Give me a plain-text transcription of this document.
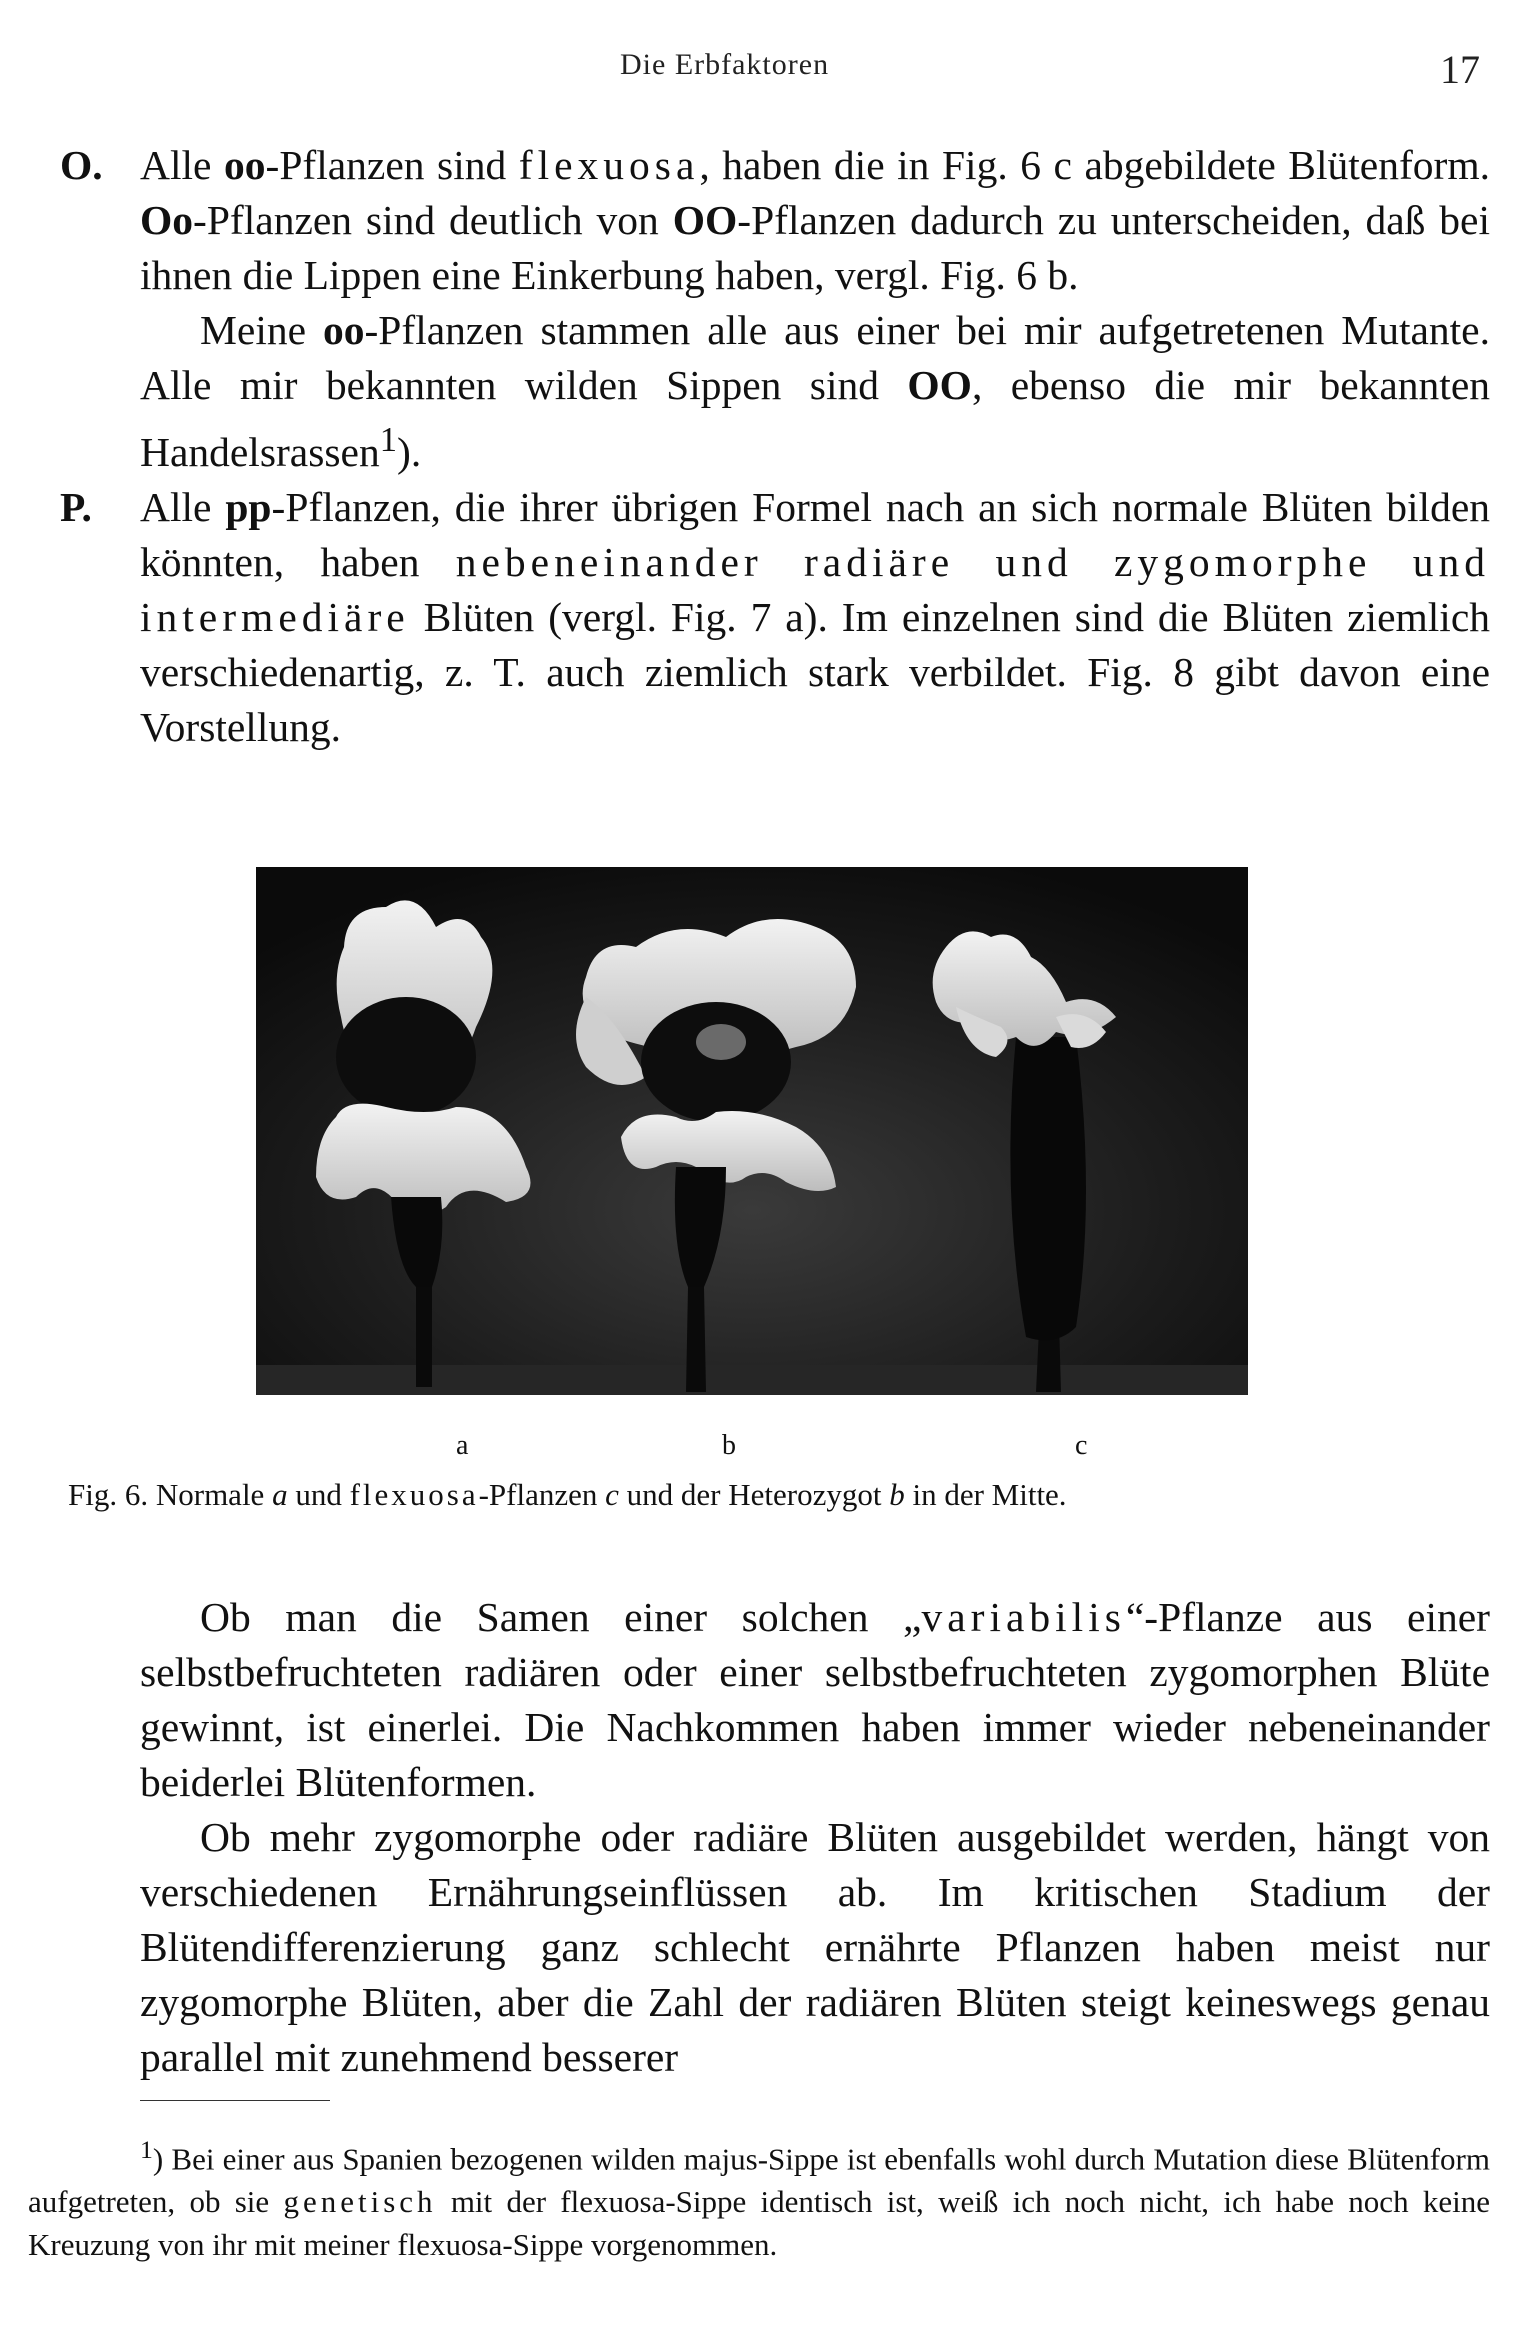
Die Erbfaktoren	17

O. Alle oo-Pflanzen sind flexuosa, haben die in Fig. 6 c abgebildete Blütenform. Oo-Pflanzen sind deutlich von OO-Pflanzen dadurch zu unterscheiden, daß bei ihnen die Lippen eine Einkerbung haben, vergl. Fig. 6 b.

Meine oo-Pflanzen stammen alle aus einer bei mir aufgetretenen Mutante. Alle mir bekannten wilden Sippen sind OO, ebenso die mir bekannten Handelsrassen$^1$).

P. Alle pp-Pflanzen, die ihrer übrigen Formel nach an sich normale Blüten bilden könnten, haben nebeneinander radiäre und zygomorphe und intermediäre Blüten (vergl. Fig. 7 a). Im einzelnen sind die Blüten ziemlich verschiedenartig, z. T. auch ziemlich stark verbildet. Fig. 8 gibt davon eine Vorstellung.

a	b	c
Fig. 6. Normale a und flexuosa-Pflanzen c und der Heterozygot b in der Mitte.

Ob man die Samen einer solchen „variabilis“-Pflanze aus einer selbstbefruchteten radiären oder einer selbstbefruchteten zygomorphen Blüte gewinnt, ist einerlei. Die Nachkommen haben immer wieder nebeneinander beiderlei Blütenformen.

Ob mehr zygomorphe oder radiäre Blüten ausgebildet werden, hängt von verschiedenen Ernährungseinflüssen ab. Im kritischen Stadium der Blütendifferenzierung ganz schlecht ernährte Pflanzen haben meist nur zygomorphe Blüten, aber die Zahl der radiären Blüten steigt keineswegs genau parallel mit zunehmend besserer

$^1$) Bei einer aus Spanien bezogenen wilden majus-Sippe ist ebenfalls wohl durch Mutation diese Blütenform aufgetreten, ob sie genetisch mit der flexuosa-Sippe identisch ist, weiß ich noch nicht, ich habe noch keine Kreuzung von ihr mit meiner flexuosa-Sippe vorgenommen.
